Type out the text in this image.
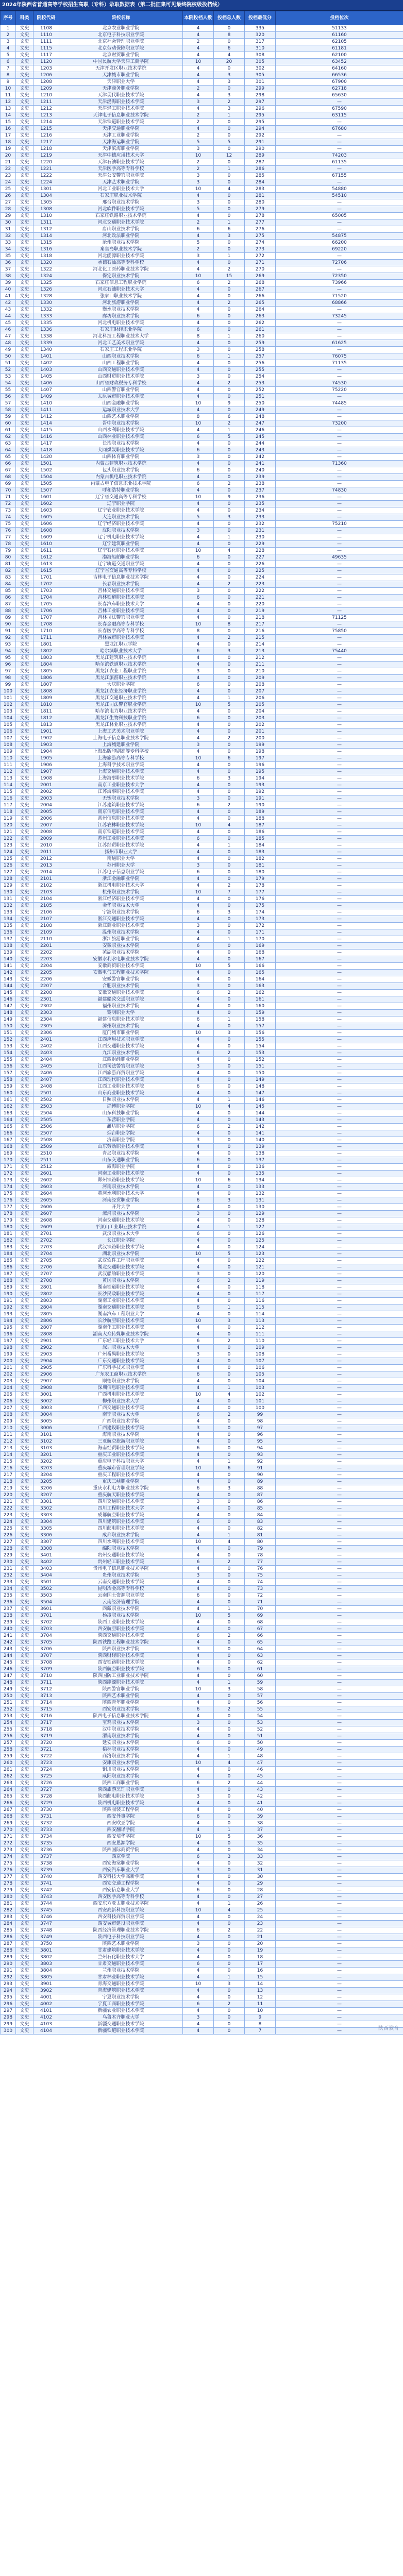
2024年陕西省普通高等学校招生高职（专科）录取数据表（第二批征集可见最终院校级投档线）
序号	科类	院校代码	院校名称	本院投档人数	投档总人数	投档最低分	投档位次
1	文史	1108	北京农业职业学院	4	0	335	51133
2	文史	1110	北京电子科技职业学院	4	8	320	61160
3	文史	1111	北京社会管理职业学院	2	0	317	62105
4	文史	1115	北京劳动保障职业学院	4	6	310	61181
5	文史	1117	北京财贸职业学院	4	4	308	62100
6	文史	1120	中国民航大学天津工商学院	10	20	305	63452
7	文史	1203	天津开发区职业技术学院	4	0	302	64160
8	文史	1206	天津城市职业学院	4	3	305	66536
9	文史	1208	天津职业大学	4	3	301	67900
10	文史	1209	天津商务职业学院	2	0	299	62718
11	文史	1210	天津现代职业技术学院	4	3	298	65630
12	文史	1211	天津渤海职业技术学院	3	2	297	—
13	文史	1212	天津轻工职业技术学院	4	3	296	67590
14	文史	1213	天津电子信息职业技术学院	2	1	295	63115
15	文史	1214	天津铁道职业技术学院	2	0	295	—
16	文史	1215	天津交通职业学院	4	0	294	67680
17	文史	1216	天津工业职业学院	2	0	292	—
18	文史	1217	天津海运职业学院	5	5	291	—
19	文史	1218	天津滨海职业学院	3	0	290	—
20	文史	1219	天津中德应用技术大学	10	12	289	74203
21	文史	1220	天津石油职业技术学院	2	0	287	61135
22	文史	1221	天津医学高等专科学校	2	1	286	—
23	文史	1222	天津公安警官职业学院	3	0	285	67155
24	文史	1224	天津艺术职业学院	3	0	284	—
25	文史	1301	河北工业职业技术大学	10	4	283	54880
26	文史	1304	石家庄职业技术学院	4	0	281	54510
27	文史	1305	邢台职业技术学院	3	0	280	—
28	文史	1308	河北软件职业技术学院	5	0	279	—
29	文史	1310	石家庄铁路职业技术学院	4	0	278	65005
30	文史	1311	河北交通职业技术学院	2	1	277	—
31	文史	1312	唐山职业技术学院	6	6	276	—
32	文史	1314	河北政法职业学院	4	3	275	54875
33	文史	1315	沧州职业技术学院	5	0	274	66200
34	文史	1316	秦皇岛职业技术学院	2	0	273	69220
35	文史	1318	河北能源职业技术学院	3	1	272	—
36	文史	1320	承德石油高等专科学校	4	0	271	72706
37	文史	1322	河北化工医药职业技术学院	4	2	270	—
38	文史	1324	保定职业技术学院	10	15	269	72350
39	文史	1325	石家庄信息工程职业学院	6	2	268	73966
40	文史	1326	河北石油职业技术大学	4	0	267	—
41	文史	1328	张家口职业技术学院	4	0	266	71520
42	文史	1330	河北旅游职业学院	4	2	265	68866
43	文史	1332	衡水职业技术学院	4	0	264	—
44	文史	1333	廊坊职业技术学院	6	0	263	73245
45	文史	1335	河北机电职业技术学院	4	0	262	—
46	文史	1336	石家庄财经职业学院	6	0	261	—
47	文史	1338	河北科技工程职业技术大学	8	1	260	—
48	文史	1339	河北工艺美术职业学院	4	0	259	61625
49	文史	1340	石家庄工程职业学院	3	0	258	—
50	文史	1401	山西职业技术学院	6	1	257	76075
51	文史	1402	山西工程职业学院	4	0	256	71135
52	文史	1403	山西交通职业技术学院	4	0	255	—
53	文史	1405	山西财贸职业技术学院	3	0	254	—
54	文史	1406	山西省财政税务专科学校	4	2	253	74530
55	文史	1407	山西警官职业学院	4	0	252	75220
56	文史	1409	太原城市职业技术学院	4	0	251	—
57	文史	1410	山西金融职业学院	10	9	250	74485
58	文史	1411	运城职业技术大学	4	0	249	—
59	文史	1412	山西艺术职业学院	8	6	248	—
60	文史	1414	晋中职业技术学院	10	2	247	73200
61	文史	1415	山西水利职业技术学院	4	1	246	—
62	文史	1416	山西林业职业技术学院	6	5	245	—
63	文史	1417	长治职业技术学院	4	0	244	—
64	文史	1418	大同煤炭职业技术学院	6	0	243	—
65	文史	1420	山西体育职业学院	3	0	242	—
66	文史	1501	内蒙古建筑职业技术学院	4	0	241	71360
67	文史	1502	包头职业技术学院	6	0	240	—
68	文史	1504	内蒙古机电职业技术学院	4	0	239	—
69	文史	1505	内蒙古电子信息职业技术学院	6	2	238	—
70	文史	1507	呼和浩特职业学院	4	0	237	74830
71	文史	1601	辽宁省交通高等专科学校	10	9	236	—
72	文史	1602	辽宁职业学院	4	0	235	—
73	文史	1603	辽宁农业职业技术学院	4	0	234	—
74	文史	1605	大连职业技术学院	5	3	233	—
75	文史	1606	辽宁经济职业技术学院	4	0	232	75210
76	文史	1608	沈阳职业技术学院	3	0	231	—
77	文史	1609	辽宁机电职业技术学院	4	1	230	—
78	文史	1610	辽宁建筑职业学院	4	0	229	—
79	文史	1611	辽宁石化职业技术学院	10	4	228	—
80	文史	1612	渤海船舶职业学院	6	0	227	49635
81	文史	1613	辽宁轨道交通职业学院	4	0	226	—
82	文史	1615	辽宁省交通高等专科学校	4	0	225	—
83	文史	1701	吉林电子信息职业技术学院	4	0	224	—
84	文史	1702	长春职业技术学院	4	2	223	—
85	文史	1703	吉林交通职业技术学院	3	0	222	—
86	文史	1704	吉林铁道职业技术学院	6	0	221	—
87	文史	1705	长春汽车职业技术大学	4	0	220	—
88	文史	1706	吉林工业职业技术学院	4	0	219	—
89	文史	1707	吉林司法警官职业学院	4	0	218	71125
90	文史	1708	长春金融高等专科学校	10	8	217	—
91	文史	1710	长春医学高等专科学校	8	0	216	75850
92	文史	1711	吉林城市职业技术学院	4	2	215	—
93	文史	1801	黑龙江职业学院	4	0	214	—
94	文史	1802	哈尔滨职业技术大学	6	3	213	75440
95	文史	1803	黑龙江建筑职业技术学院	4	0	212	—
96	文史	1804	哈尔滨铁道职业技术学院	4	0	211	—
97	文史	1805	黑龙江农业工程职业学院	3	0	210	—
98	文史	1806	黑龙江旅游职业技术学院	4	0	209	—
99	文史	1807	大庆职业学院	6	0	208	—
100	文史	1808	黑龙江农业经济职业学院	4	0	207	—
101	文史	1809	黑龙江交通职业技术学院	4	1	206	—
102	文史	1810	黑龙江司法警官职业学院	10	5	205	—
103	文史	1811	哈尔滨电力职业技术学院	4	0	204	—
104	文史	1812	黑龙江生物科技职业学院	6	0	203	—
105	文史	1813	黑龙江林业职业技术学院	4	0	202	—
106	文史	1901	上海工艺美术职业学院	4	0	201	—
107	文史	1902	上海电子信息职业技术学院	4	2	200	—
108	文史	1903	上海城建职业学院	3	0	199	—
109	文史	1904	上海出版印刷高等专科学校	4	0	198	—
110	文史	1905	上海旅游高等专科学校	10	6	197	—
111	文史	1906	上海科学技术职业学院	4	0	196	—
112	文史	1907	上海交通职业技术学院	4	0	195	—
113	文史	1908	上海海事职业技术学院	6	3	194	—
114	文史	2001	南京工业职业技术大学	4	0	193	—
115	文史	2002	江苏海事职业技术学院	4	0	192	—
116	文史	2003	无锡职业技术学院	3	0	191	—
117	文史	2004	江苏建筑职业技术学院	6	2	190	—
118	文史	2005	南京信息职业技术学院	4	0	189	—
119	文史	2006	常州信息职业技术学院	4	0	188	—
120	文史	2007	江苏农林职业技术学院	10	4	187	—
121	文史	2008	南京铁道职业技术学院	4	0	186	—
122	文史	2009	苏州工业职业技术学院	6	0	185	—
123	文史	2010	江苏经贸职业技术学院	4	1	184	—
124	文史	2011	扬州市职业大学	4	0	183	—
125	文史	2012	南通职业大学	4	0	182	—
126	文史	2013	苏州职业大学	3	0	181	—
127	文史	2014	江苏电子信息职业学院	6	0	180	—
128	文史	2101	浙江金融职业学院	4	0	179	—
129	文史	2102	浙江机电职业技术大学	4	2	178	—
130	文史	2103	杭州职业技术学院	10	7	177	—
131	文史	2104	浙江经济职业技术学院	4	0	176	—
132	文史	2105	金华职业技术大学	4	0	175	—
133	文史	2106	宁波职业技术学院	6	3	174	—
134	文史	2107	浙江交通职业技术学院	4	0	173	—
135	文史	2108	浙江商业职业技术学院	3	0	172	—
136	文史	2109	温州职业技术学院	4	0	171	—
137	文史	2110	浙江旅游职业学院	4	1	170	—
138	文史	2201	安徽职业技术学院	6	0	169	—
139	文史	2202	芜湖职业技术学院	4	0	168	—
140	文史	2203	安徽水利水电职业技术学院	4	0	167	—
141	文史	2204	安徽商贸职业技术学院	10	5	166	—
142	文史	2205	安徽电气工程职业技术学院	4	0	165	—
143	文史	2206	安徽警官职业学院	4	0	164	—
144	文史	2207	合肥职业技术学院	3	0	163	—
145	文史	2208	安徽交通职业技术学院	6	2	162	—
146	文史	2301	福建船政交通职业学院	4	0	161	—
147	文史	2302	福州职业技术学院	4	0	160	—
148	文史	2303	黎明职业大学	4	0	159	—
149	文史	2304	福建信息职业技术学院	6	1	158	—
150	文史	2305	漳州职业技术学院	4	0	157	—
151	文史	2306	厦门城市职业学院	10	3	156	—
152	文史	2401	江西应用技术职业学院	4	0	155	—
153	文史	2402	江西交通职业技术学院	4	0	154	—
154	文史	2403	九江职业技术学院	6	2	153	—
155	文史	2404	江西财经职业学院	4	0	152	—
156	文史	2405	江西司法警官职业学院	3	0	151	—
157	文史	2406	江西旅游商贸职业学院	4	0	150	—
158	文史	2407	江西现代职业技术学院	4	0	149	—
159	文史	2408	江西工业职业技术学院	6	0	148	—
160	文史	2501	山东商业职业技术学院	4	0	147	—
161	文史	2502	日照职业技术学院	4	1	146	—
162	文史	2503	淄博职业学院	10	4	145	—
163	文史	2504	山东科技职业学院	4	0	144	—
164	文史	2505	东营职业学院	4	0	143	—
165	文史	2506	潍坊职业学院	6	2	142	—
166	文史	2507	烟台职业学院	4	0	141	—
167	文史	2508	济南职业学院	3	0	140	—
168	文史	2509	山东劳动职业技术学院	4	0	139	—
169	文史	2510	青岛职业技术学院	4	0	138	—
170	文史	2511	山东交通职业学院	6	0	137	—
171	文史	2512	威海职业学院	4	0	136	—
172	文史	2601	河南工业职业技术学院	4	0	135	—
173	文史	2602	郑州铁路职业技术学院	10	6	134	—
174	文史	2603	河南职业技术学院	4	0	133	—
175	文史	2604	黄河水利职业技术大学	4	0	132	—
176	文史	2605	河南经贸职业学院	6	3	131	—
177	文史	2606	开封大学	4	0	130	—
178	文史	2607	漯河职业技术学院	3	0	129	—
179	文史	2608	河南交通职业技术学院	4	0	128	—
180	文史	2609	平顶山工业职业技术学院	4	1	127	—
181	文史	2701	武汉职业技术大学	6	0	126	—
182	文史	2702	长江职业学院	4	0	125	—
183	文史	2703	武汉铁路职业技术学院	4	0	124	—
184	文史	2704	湖北职业技术学院	10	5	123	—
185	文史	2705	武汉软件工程职业学院	4	0	122	—
186	文史	2706	湖北交通职业技术学院	4	0	121	—
187	文史	2707	武汉船舶职业技术学院	3	0	120	—
188	文史	2708	黄冈职业技术学院	6	2	119	—
189	文史	2801	湖南铁道职业技术学院	4	0	118	—
190	文史	2802	长沙民政职业技术学院	4	0	117	—
191	文史	2803	湖南工业职业技术学院	4	0	116	—
192	文史	2804	湖南交通职业技术学院	6	1	115	—
193	文史	2805	湖南汽车工程职业大学	4	0	114	—
194	文史	2806	长沙航空职业技术学院	10	3	113	—
195	文史	2807	湖南化工职业技术学院	4	0	112	—
196	文史	2808	湖南大众传媒职业技术学院	4	0	111	—
197	文史	2901	广东轻工职业技术大学	6	2	110	—
198	文史	2902	深圳职业技术大学	4	0	109	—
199	文史	2903	广州番禺职业技术学院	3	0	108	—
200	文史	2904	广东交通职业技术学院	4	0	107	—
201	文史	2905	广东科学技术职业学院	4	0	106	—
202	文史	2906	广东农工商职业技术学院	6	0	105	—
203	文史	2907	顺德职业技术学院	4	0	104	—
204	文史	2908	深圳信息职业技术学院	4	1	103	—
205	文史	3001	广西机电职业技术学院	10	4	102	—
206	文史	3002	柳州职业技术大学	4	0	101	—
207	文史	3003	广西交通职业技术学院	4	0	100	—
208	文史	3004	南宁职业技术大学	6	2	99	—
209	文史	3005	广西职业技术学院	4	0	98	—
210	文史	3006	广西建设职业技术学院	3	0	97	—
211	文史	3101	海南职业技术学院	4	0	96	—
212	文史	3102	三亚航空旅游职业学院	4	0	95	—
213	文史	3103	海南经贸职业技术学院	6	0	94	—
214	文史	3201	重庆工业职业技术学院	4	0	93	—
215	文史	3202	重庆电子科技职业大学	4	1	92	—
216	文史	3203	重庆城市管理职业学院	10	6	91	—
217	文史	3204	重庆工程职业技术学院	4	0	90	—
218	文史	3205	重庆三峡职业学院	4	0	89	—
219	文史	3206	重庆水利电力职业技术学院	6	3	88	—
220	文史	3207	重庆航天职业技术学院	4	0	87	—
221	文史	3301	四川交通职业技术学院	3	0	86	—
222	文史	3302	四川工程职业技术大学	4	0	85	—
223	文史	3303	成都航空职业技术学院	4	0	84	—
224	文史	3304	四川建筑职业技术学院	6	0	83	—
225	文史	3305	四川邮电职业技术学院	4	0	82	—
226	文史	3306	成都职业技术学院	4	1	81	—
227	文史	3307	四川水利职业技术学院	10	4	80	—
228	文史	3308	绵阳职业技术学院	4	0	79	—
229	文史	3401	贵州交通职业技术学院	4	0	78	—
230	文史	3402	贵州轻工职业技术学院	6	2	77	—
231	文史	3403	贵州电子信息职业技术学院	4	0	76	—
232	文史	3404	贵州职业技术学院	3	0	75	—
233	文史	3501	云南交通职业技术学院	4	0	74	—
234	文史	3502	昆明冶金高等专科学校	4	0	73	—
235	文史	3503	云南国土资源职业学院	6	0	72	—
236	文史	3504	云南经济管理学院	4	0	71	—
237	文史	3601	西藏职业技术学院	4	1	70	—
238	文史	3701	杨凌职业技术学院	10	5	69	—
239	文史	3702	陕西工业职业技术学院	4	0	68	—
240	文史	3703	西安航空职业技术学院	4	0	67	—
241	文史	3704	陕西交通职业技术学院	6	2	66	—
242	文史	3705	陕西铁路工程职业技术学院	4	0	65	—
243	文史	3706	陕西职业技术学院	3	0	64	—
244	文史	3707	陕西财经职业技术学院	4	0	63	—
245	文史	3708	西安铁路职业技术学院	4	0	62	—
246	文史	3709	陕西航空职业技术学院	6	0	61	—
247	文史	3710	陕西国防工业职业技术学院	4	0	60	—
248	文史	3711	陕西能源职业技术学院	4	1	59	—
249	文史	3712	陕西警官职业学院	10	3	58	—
250	文史	3713	陕西艺术职业学院	4	0	57	—
251	文史	3714	陕西青年职业学院	4	0	56	—
252	文史	3715	西安职业技术学院	6	2	55	—
253	文史	3716	陕西电子信息职业技术学院	4	0	54	—
254	文史	3717	宝鸡职业技术学院	3	0	53	—
255	文史	3718	汉中职业技术学院	4	0	52	—
256	文史	3719	渭南职业技术学院	4	0	51	—
257	文史	3720	延安职业技术学院	6	0	50	—
258	文史	3721	榆林职业技术学院	4	0	49	—
259	文史	3722	商洛职业技术学院	4	1	48	—
260	文史	3723	安康职业技术学院	10	4	47	—
261	文史	3724	铜川职业技术学院	4	0	46	—
262	文史	3725	咸阳职业技术学院	4	0	45	—
263	文史	3726	陕西工商职业学院	6	2	44	—
264	文史	3727	陕西旅游烹饪职业学院	4	0	43	—
265	文史	3728	陕西邮电职业技术学院	3	0	42	—
266	文史	3729	陕西机电职业技术学院	4	0	41	—
267	文史	3730	陕西服装工程学院	4	0	40	—
268	文史	3731	西安外事学院	6	0	39	—
269	文史	3732	西安欧亚学院	4	0	38	—
270	文史	3733	西安翻译学院	4	1	37	—
271	文史	3734	西安培华学院	10	5	36	—
272	文史	3735	西安思源学院	4	0	35	—
273	文史	3736	陕西国际商贸学院	4	0	34	—
274	文史	3737	西京学院	6	3	33	—
275	文史	3738	西安海棠职业学院	4	0	32	—
276	文史	3739	西安汽车职业大学	3	0	31	—
277	文史	3740	西安科技大学高新学院	4	0	30	—
278	文史	3741	西安交通工程学院	4	0	29	—
279	文史	3742	西安信息职业大学	6	0	28	—
280	文史	3743	西安医学高等专科学校	4	0	27	—
281	文史	3744	西安东方亚太职业技术学院	4	1	26	—
282	文史	3745	西安高新科技职业学院	10	4	25	—
283	文史	3746	西安科技商贸职业学院	4	0	24	—
284	文史	3747	西安城市建设职业学院	4	0	23	—
285	文史	3748	陕西经济管理职业技术学院	6	2	22	—
286	文史	3749	陕西电子科技职业学院	4	0	21	—
287	文史	3750	陕西艺术职业学院	3	0	20	—
288	文史	3801	甘肃建筑职业技术学院	4	0	19	—
289	文史	3802	兰州石化职业技术大学	4	0	18	—
290	文史	3803	甘肃交通职业技术学院	6	0	17	—
291	文史	3804	兰州职业技术学院	4	0	16	—
292	文史	3805	甘肃林业职业技术学院	4	1	15	—
293	文史	3901	青海交通职业技术学院	10	3	14	—
294	文史	3902	青海建筑职业技术学院	4	0	13	—
295	文史	4001	宁夏职业技术学院	4	0	12	—
296	文史	4002	宁夏工商职业技术学院	6	2	11	—
297	文史	4101	新疆农业职业技术学院	4	0	10	—
298	文史	4102	乌鲁木齐职业大学	3	0	9	—
299	文史	4103	新疆交通职业技术学院	4	0	8	—
300	文史	4104	新疆铁道职业技术学院	4	0	7	—	陕西教育
